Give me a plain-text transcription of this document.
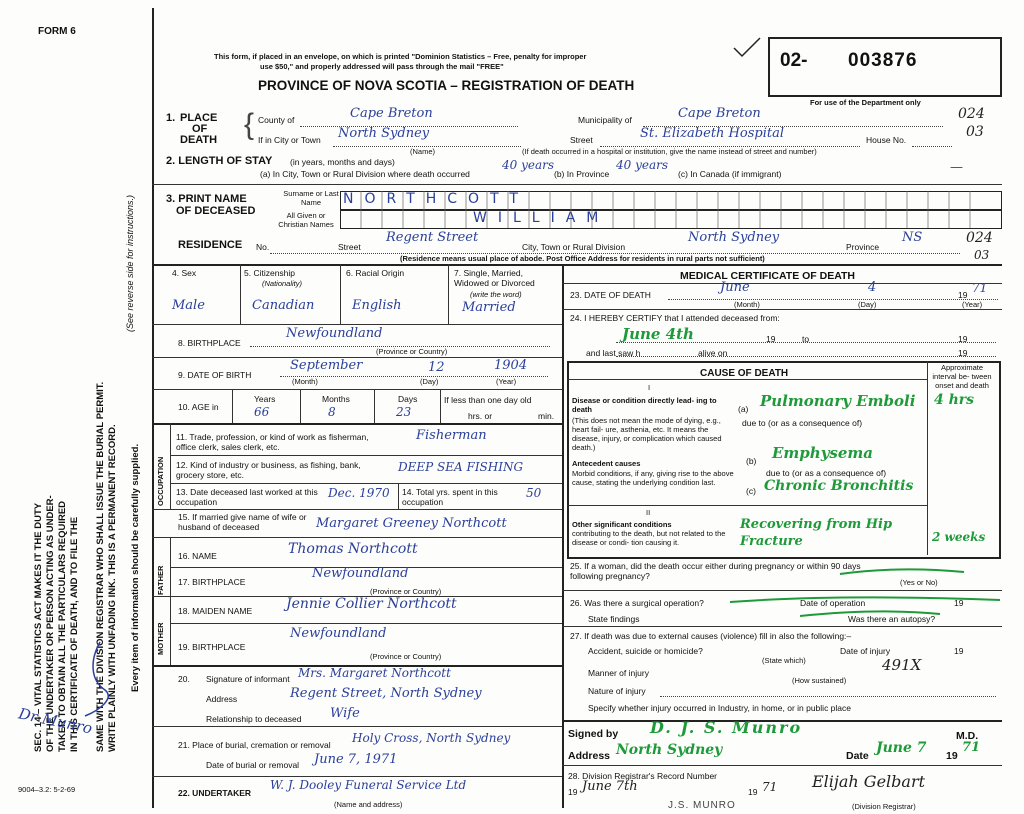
FORM 6
SEC. 14 – VITAL STATISTICS ACT MAKES IT THE DUTY OF THE UNDERTAKER OR PERSON ACTING AS UNDER- TAKER TO OBTAIN ALL THE PARTICULARS REQUIRED IN THIS CERTIFICATE OF DEATH, AND TO FILE THE SAME WITH THE DIVISION REGISTRAR WHO SHALL ISSUE THE BURIAL PERMIT. WRITE PLAINLY WITH UNFADING INK. THIS IS A PERMANENT RECORD.
(See reverse side for instructions.)
Every item of information should be carefully supplied.
Dr Munro
9004–3.2: 5-2-69
This form, if placed in an envelope, on which is printed "Dominion Statistics – Free, penalty for improper
use $50," and properly addressed will pass through the mail "FREE"
PROVINCE OF NOVA SCOTIA – REGISTRATION OF DEATH
02- 003876
For use of the Department only
024
03
1. PLACE
OF
DEATH { County of	Cape Breton	Municipality of	Cape Breton
If in City or Town North Sydney
(Name)
Street	St. Elizabeth Hospital	House No.
(If death occurred in a hospital or institution, give the name instead of street and number)
2. LENGTH OF STAY (in years, months and days)
(a) In City, Town or Rural Division where death occurred
40 years
(b) In Province
40 years
(c) In Canada (if immigrant)	—
3. PRINT NAME
OF DECEASED
Surname or Last Name
All Given or Christian Names
NORTHCOTT
WILLIAM
RESIDENCE No.	Street
Regent Street
City, Town or Rural Division
North Sydney
Province
NS	024
03
(Residence means usual place of abode. Post Office Address for residents in rural parts not sufficient)
4. Sex
Male
5. Citizenship
(Nationality)
Canadian
6. Racial Origin
English
7. Single, Married, Widowed or Divorced
(write the word)
Married
8. BIRTHPLACE
Newfoundland
(Province or Country)
9. DATE OF BIRTH
September	12	1904
(Month)	(Day)	(Year)
10. AGE in
Years	Months	Days
66	8	23
If less than one day old
hrs. or	min.
OCCUPATION
11. Trade, profession, or kind of work as fisherman, office clerk, sales clerk, etc.
Fisherman
12. Kind of industry or business, as fishing, bank, grocery store, etc.
DEEP SEA FISHING
13. Date deceased last worked at this occupation
Dec. 1970 14. Total yrs. spent in this occupation
50
15. If married give name of wife or husband of deceased	Margaret Greeney Northcott
FATHER
MOTHER
16. NAME	Thomas Northcott
17. BIRTHPLACE
Newfoundland
(Province or Country)
18. MAIDEN NAME Jennie Collier Northcott
19. BIRTHPLACE
Newfoundland
(Province or Country)
20. Signature of informant Mrs. Margaret Northcott
Address	Regent Street, North Sydney
Relationship to deceased Wife
21. Place of burial, cremation or removal Holy Cross, North Sydney
Date of burial or removal June 7, 1971
22. UNDERTAKER
W. J. Dooley Funeral Service Ltd
(Name and address)
MEDICAL CERTIFICATE OF DEATH
23. DATE OF DEATH	June	4	19 71
(Month)	(Day)	(Year)
24. I HEREBY CERTIFY that I attended deceased from:
June 4th	19	to	19
and last saw h	alive on	19
CAUSE OF DEATH
Approximate interval be- tween onset and death
I
Disease or condition directly lead- ing to death
(This does not mean the mode of dying, e.g., heart fail- ure, asthenia, etc. It means the disease, injury, or complication which caused death.)
(a) Pulmonary Emboli 4 hrs
due to (or as a consequence of)
Antecedent causes
Morbid conditions, if any, giving rise to the above cause, stating the underlying condition last.
(b) Emphysema
due to (or as a consequence of)
(c) Chronic Bronchitis
II
Other significant conditions
contributing to the death, but not related to the disease or condi- tion causing it.
Recovering from Hip Fracture	2 weeks
25. If a woman, did the death occur either during pregnancy or within 90 days following pregnancy?
(Yes or No)
26. Was there a surgical operation?	Date of operation	19
State findings	Was there an autopsy?
27. If death was due to external causes (violence) fill in also the following:–
Accident, suicide or homicide?	Date of injury	19
(State which)
Manner of injury	491X
(How sustained)
Nature of injury
Specify whether injury occurred in Industry, in home, or in public place
Signed by D. J. S. Munro	M.D.
Address North Sydney	Date June 7 19
71
28. Division Registrar's Record Number
19 June 7th	19 71 Elijah Gelbart
(Division Registrar)
J.S. MUNRO
